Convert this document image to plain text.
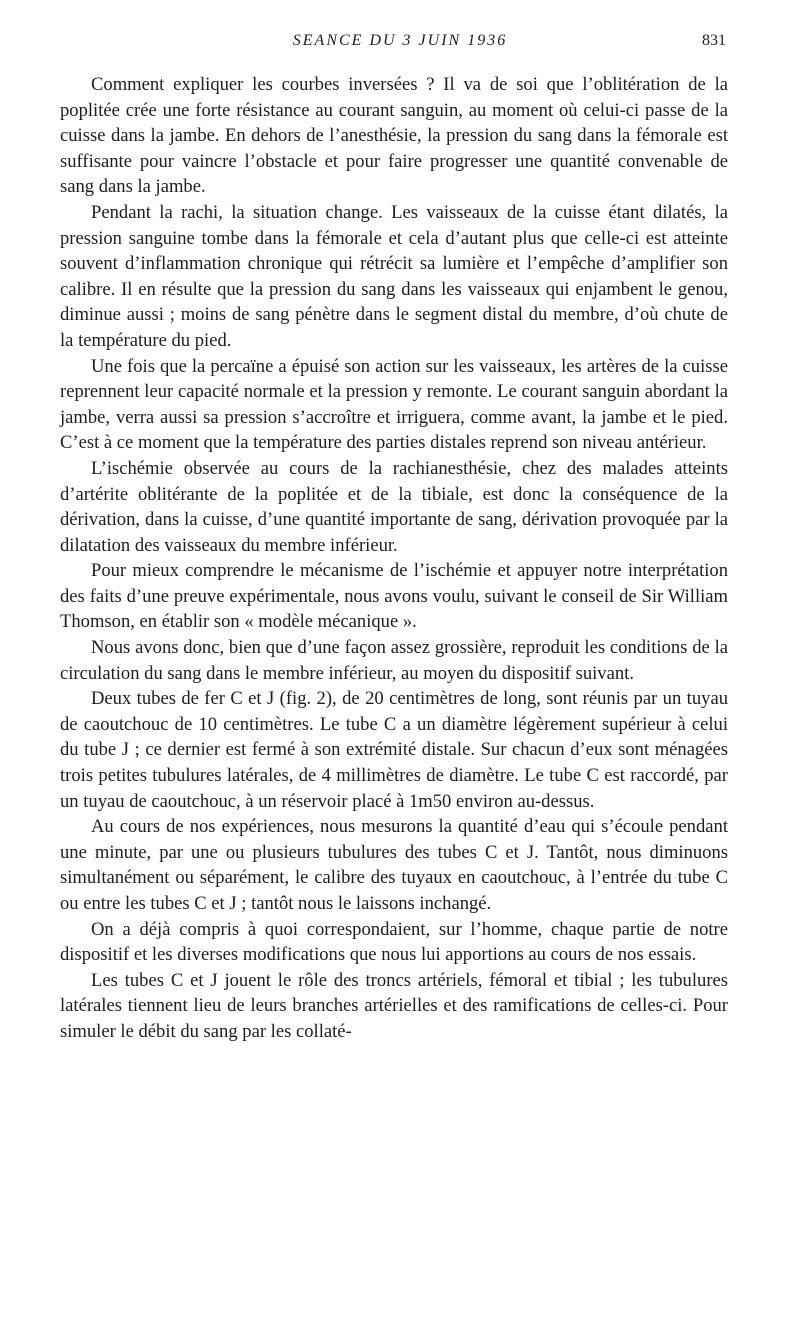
SEANCE DU 3 JUIN 1936	831

Comment expliquer les courbes inversées ? Il va de soi que l’oblitération de la poplitée crée une forte résistance au courant sanguin, au moment où celui-ci passe de la cuisse dans la jambe. En dehors de l’anesthésie, la pression du sang dans la fémorale est suffisante pour vaincre l’obstacle et pour faire progresser une quantité convenable de sang dans la jambe.

Pendant la rachi, la situation change. Les vaisseaux de la cuisse étant dilatés, la pression sanguine tombe dans la fémorale et cela d’autant plus que celle-ci est atteinte souvent d’inflammation chronique qui rétrécit sa lumière et l’empêche d’amplifier son calibre. Il en résulte que la pression du sang dans les vaisseaux qui enjambent le genou, diminue aussi ; moins de sang pénètre dans le segment distal du membre, d’où chute de la température du pied.

Une fois que la percaïne a épuisé son action sur les vaisseaux, les artères de la cuisse reprennent leur capacité normale et la pression y remonte. Le courant sanguin abordant la jambe, verra aussi sa pression s’accroître et irriguera, comme avant, la jambe et le pied. C’est à ce moment que la température des parties distales reprend son niveau antérieur.

L’ischémie observée au cours de la rachianesthésie, chez des malades atteints d’artérite oblitérante de la poplitée et de la tibiale, est donc la conséquence de la dérivation, dans la cuisse, d’une quantité importante de sang, dérivation provoquée par la dilatation des vaisseaux du membre inférieur.

Pour mieux comprendre le mécanisme de l’ischémie et appuyer notre interprétation des faits d’une preuve expérimentale, nous avons voulu, suivant le conseil de Sir William Thomson, en établir son « modèle mécanique ».

Nous avons donc, bien que d’une façon assez grossière, reproduit les conditions de la circulation du sang dans le membre inférieur, au moyen du dispositif suivant.

Deux tubes de fer C et J (fig. 2), de 20 centimètres de long, sont réunis par un tuyau de caoutchouc de 10 centimètres. Le tube C a un diamètre légèrement supérieur à celui du tube J ; ce dernier est fermé à son extrémité distale. Sur chacun d’eux sont ménagées trois petites tubulures latérales, de 4 millimètres de diamètre. Le tube C est raccordé, par un tuyau de caoutchouc, à un réservoir placé à 1m50 environ au-dessus.

Au cours de nos expériences, nous mesurons la quantité d’eau qui s’écoule pendant une minute, par une ou plusieurs tubulures des tubes C et J. Tantôt, nous diminuons simultanément ou séparément, le calibre des tuyaux en caoutchouc, à l’entrée du tube C ou entre les tubes C et J ; tantôt nous le laissons inchangé.

On a déjà compris à quoi correspondaient, sur l’homme, chaque partie de notre dispositif et les diverses modifications que nous lui apportions au cours de nos essais.

Les tubes C et J jouent le rôle des troncs artériels, fémoral et tibial ; les tubulures latérales tiennent lieu de leurs branches artérielles et des ramifications de celles-ci. Pour simuler le débit du sang par les collaté-
